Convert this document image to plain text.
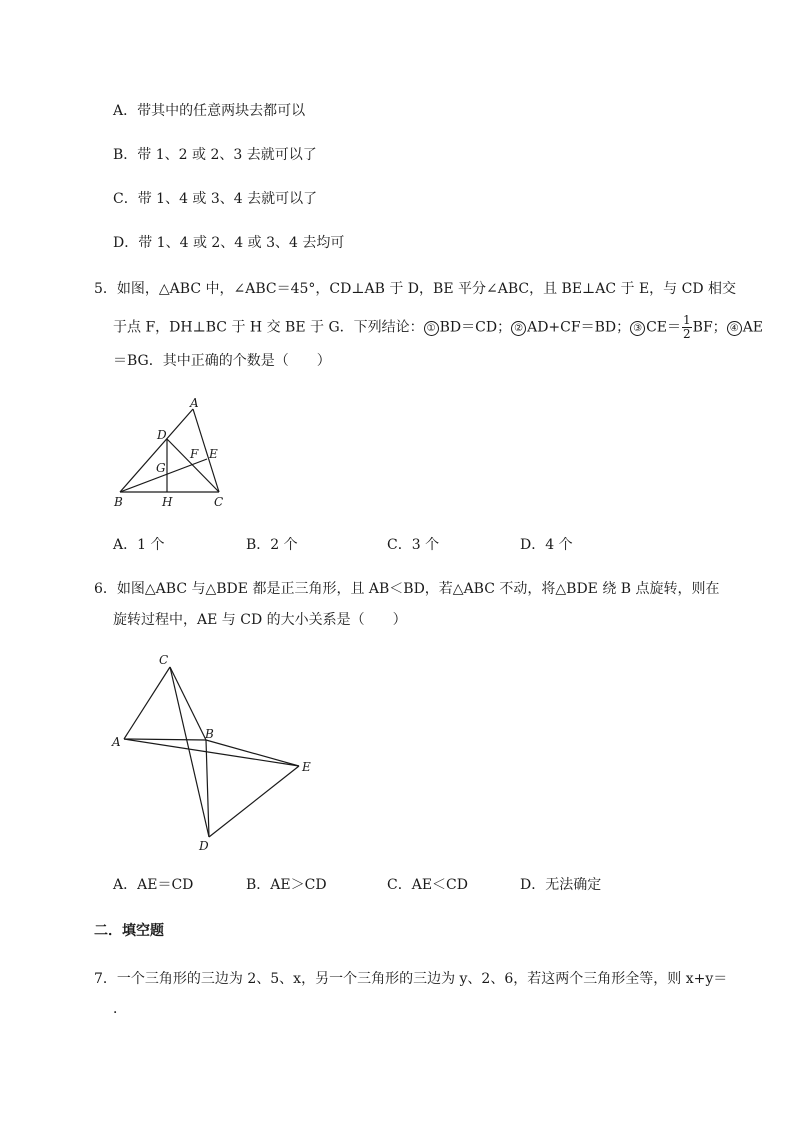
A．带其中的任意两块去都可以
B．带 1、2 或 2、3 去就可以了
C．带 1、4 或 3、4 去就可以了
D．带 1、4 或 2、4 或 3、4 去均可
5．如图，△ABC 中，∠ABC＝45°，CD⊥AB 于 D，BE 平分∠ABC，且 BE⊥AC 于 E，与 CD 相交
于点 F，DH⊥BC 于 H 交 BE 于 G．下列结论： ① BD＝CD； ② AD+CF＝BD； ③ $CE= \frac{1}{2}$ BF； ④ AE
＝BG．其中正确的个数是（　　）
A
D
F E
G
B	H	C
A．1 个	B．2 个	C．3 个	D．4 个
6．如图△ABC 与△BDE 都是正三角形，且 AB＜BD，若△ABC 不动，将△BDE 绕 B 点旋转，则在
旋转过程中，AE 与 CD 的大小关系是（　　）
C
A
B
E
D
A．AE＝CD	B．AE＞CD	C．AE＜CD	D．无法确定
二．填空题
7．一个三角形的三边为 2、5、x，另一个三角形的三边为 y、2、6，若这两个三角形全等，则 x+y＝
．
